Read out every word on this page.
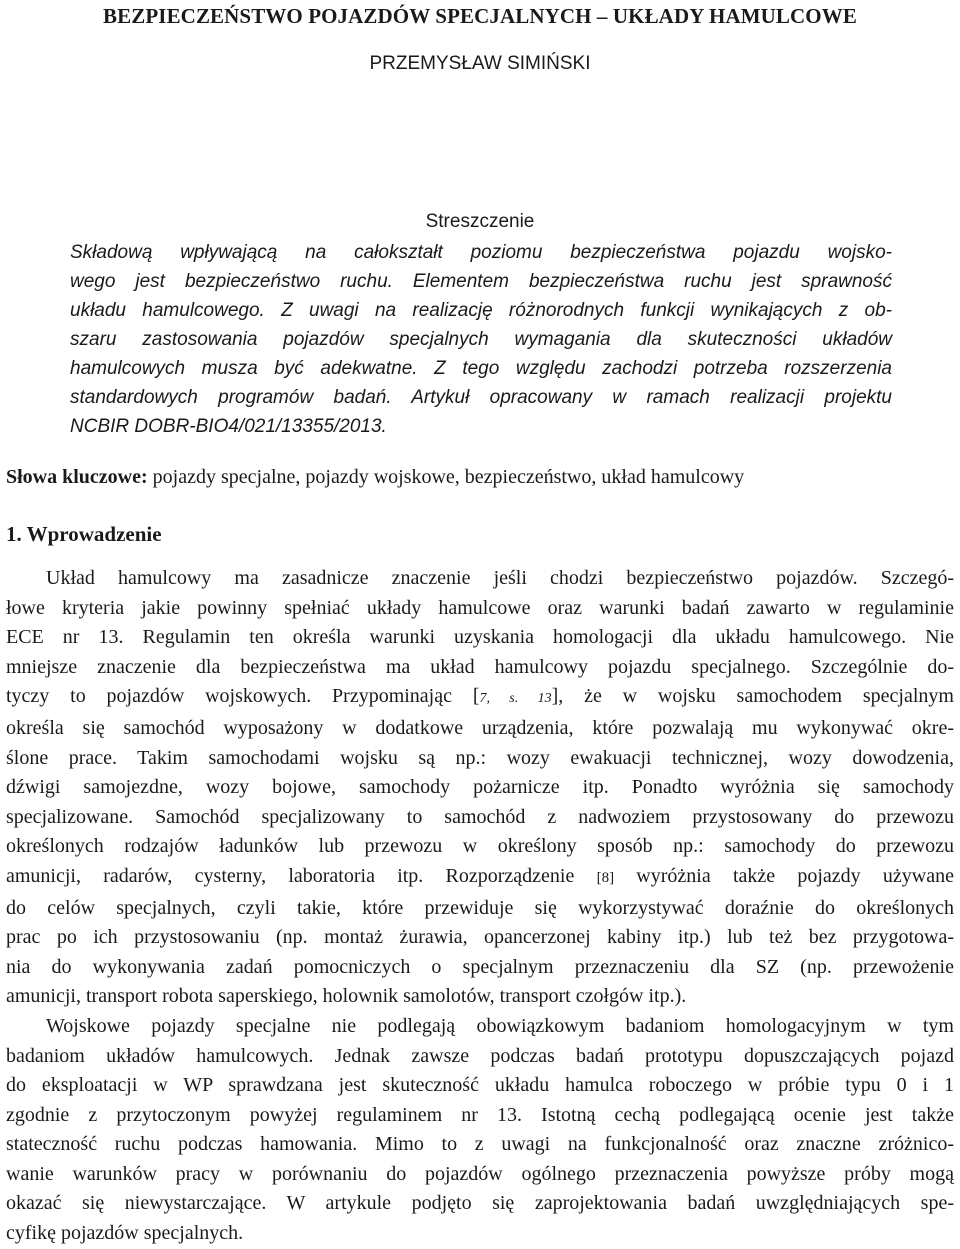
BEZPIECZEŃSTWO POJAZDÓW SPECJALNYCH – UKŁADY HAMULCOWE
PRZEMYSŁAW SIMIŃSKI
Streszczenie
Składową wpływającą na całokształt poziomu bezpieczeństwa pojazdu wojsko-
wego jest bezpieczeństwo ruchu. Elementem bezpieczeństwa ruchu jest sprawność
układu hamulcowego. Z uwagi na realizację różnorodnych funkcji wynikających z ob-
szaru zastosowania pojazdów specjalnych wymagania dla skuteczności układów
hamulcowych musza być adekwatne. Z tego względu zachodzi potrzeba rozszerzenia
standardowych programów badań. Artykuł opracowany w ramach realizacji projektu
NCBIR DOBR-BIO4/021/13355/2013.
Słowa kluczowe: pojazdy specjalne, pojazdy wojskowe, bezpieczeństwo, układ hamulcowy
1. Wprowadzenie
Układ hamulcowy ma zasadnicze znaczenie jeśli chodzi bezpieczeństwo pojazdów. Szczegó-
łowe kryteria jakie powinny spełniać układy hamulcowe oraz warunki badań zawarto w regulaminie
ECE nr 13. Regulamin ten określa warunki uzyskania homologacji dla układu hamulcowego. Nie
mniejsze znaczenie dla bezpieczeństwa ma układ hamulcowy pojazdu specjalnego. Szczególnie do-
tyczy to pojazdów wojskowych. Przypominając [7, s. 13], że w wojsku samochodem specjalnym
określa się samochód wyposażony w dodatkowe urządzenia, które pozwalają mu wykonywać okre-
ślone prace. Takim samochodami wojsku są np.: wozy ewakuacji technicznej, wozy dowodzenia,
dźwigi samojezdne, wozy bojowe, samochody pożarnicze itp. Ponadto wyróżnia się samochody
specjalizowane. Samochód specjalizowany to samochód z nadwoziem przystosowany do przewozu
określonych rodzajów ładunków lub przewozu w określony sposób np.: samochody do przewozu
amunicji, radarów, cysterny, laboratoria itp. Rozporządzenie [8] wyróżnia także pojazdy używane
do celów specjalnych, czyli takie, które przewiduje się wykorzystywać doraźnie do określonych
prac po ich przystosowaniu (np. montaż żurawia, opancerzonej kabiny itp.) lub też bez przygotowa-
nia do wykonywania zadań pomocniczych o specjalnym przeznaczeniu dla SZ (np. przewożenie
amunicji, transport robota saperskiego, holownik samolotów, transport czołgów itp.).
Wojskowe pojazdy specjalne nie podlegają obowiązkowym badaniom homologacyjnym w tym
badaniom układów hamulcowych. Jednak zawsze podczas badań prototypu dopuszczających pojazd
do eksploatacji w WP sprawdzana jest skuteczność układu hamulca roboczego w próbie typu 0 i 1
zgodnie z przytoczonym powyżej regulaminem nr 13. Istotną cechą podlegającą ocenie jest także
stateczność ruchu podczas hamowania. Mimo to z uwagi na funkcjonalność oraz znaczne zróżnico-
wanie warunków pracy w porównaniu do pojazdów ogólnego przeznaczenia powyższe próby mogą
okazać się niewystarczające. W artykule podjęto się zaprojektowania badań uwzględniających spe-
cyfikę pojazdów specjalnych.
